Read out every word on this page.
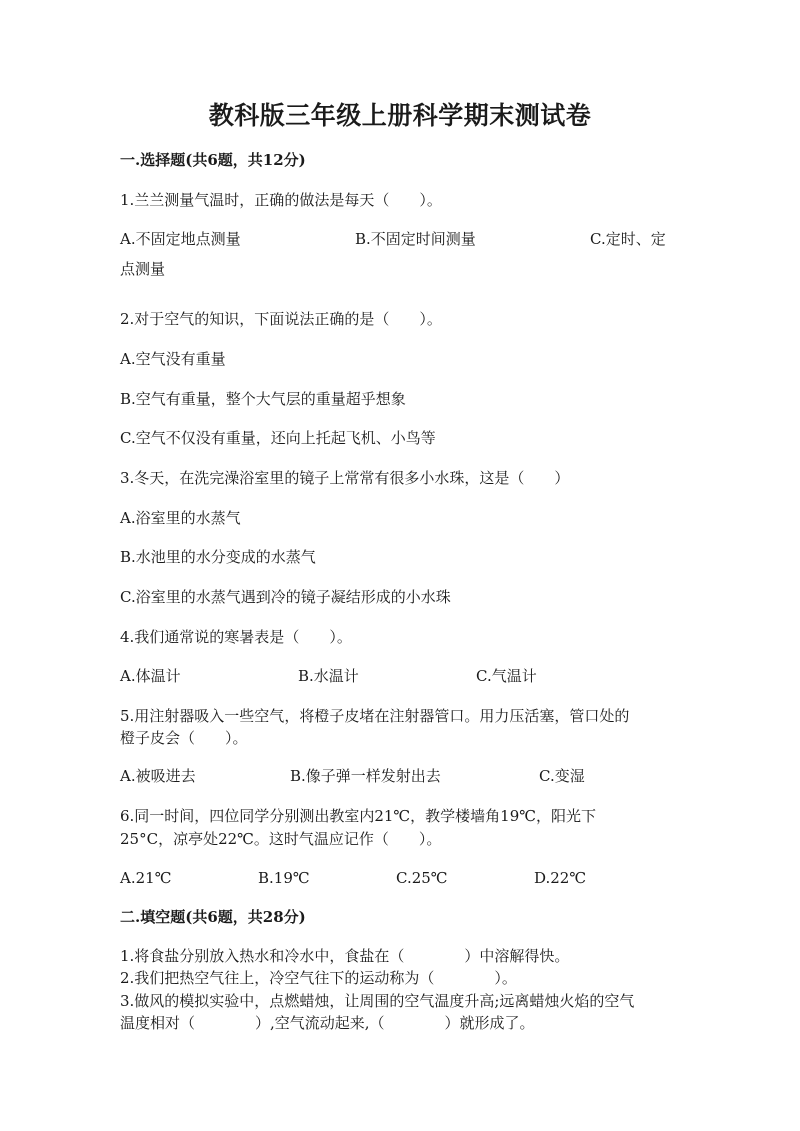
教科版三年级上册科学期末测试卷
一.选择题(共6题，共12分)
1.兰兰测量气温时，正确的做法是每天（　　）。
A.不固定地点测量	B.不固定时间测量	C.定时、定
点测量
2.对于空气的知识，下面说法正确的是（　　）。
A.空气没有重量
B.空气有重量，整个大气层的重量超乎想象
C.空气不仅没有重量，还向上托起飞机、小鸟等
3.冬天，在洗完澡浴室里的镜子上常常有很多小水珠，这是（　　）
A.浴室里的水蒸气
B.水池里的水分变成的水蒸气
C.浴室里的水蒸气遇到冷的镜子凝结形成的小水珠
4.我们通常说的寒暑表是（　　）。
A.体温计	B.水温计	C.气温计
5.用注射器吸入一些空气，将橙子皮堵在注射器管口。用力压活塞，管口处的
橙子皮会（　　）。
A.被吸进去	B.像子弹一样发射出去	C.变湿
6.同一时间，四位同学分别测出教室内21℃，教学楼墙角19℃，阳光下
25°C，凉亭处22℃。这时气温应记作（　　）。
A.21℃	B.19℃	C.25℃	D.22℃
二.填空题(共6题，共28分)
1.将食盐分别放入热水和冷水中，食盐在（　　　　）中溶解得快。
2.我们把热空气往上，冷空气往下的运动称为（　　　　）。
3.做风的模拟实验中，点燃蜡烛，让周围的空气温度升高;远离蜡烛火焰的空气
温度相对（　　　　）,空气流动起来,（　　　　）就形成了。
